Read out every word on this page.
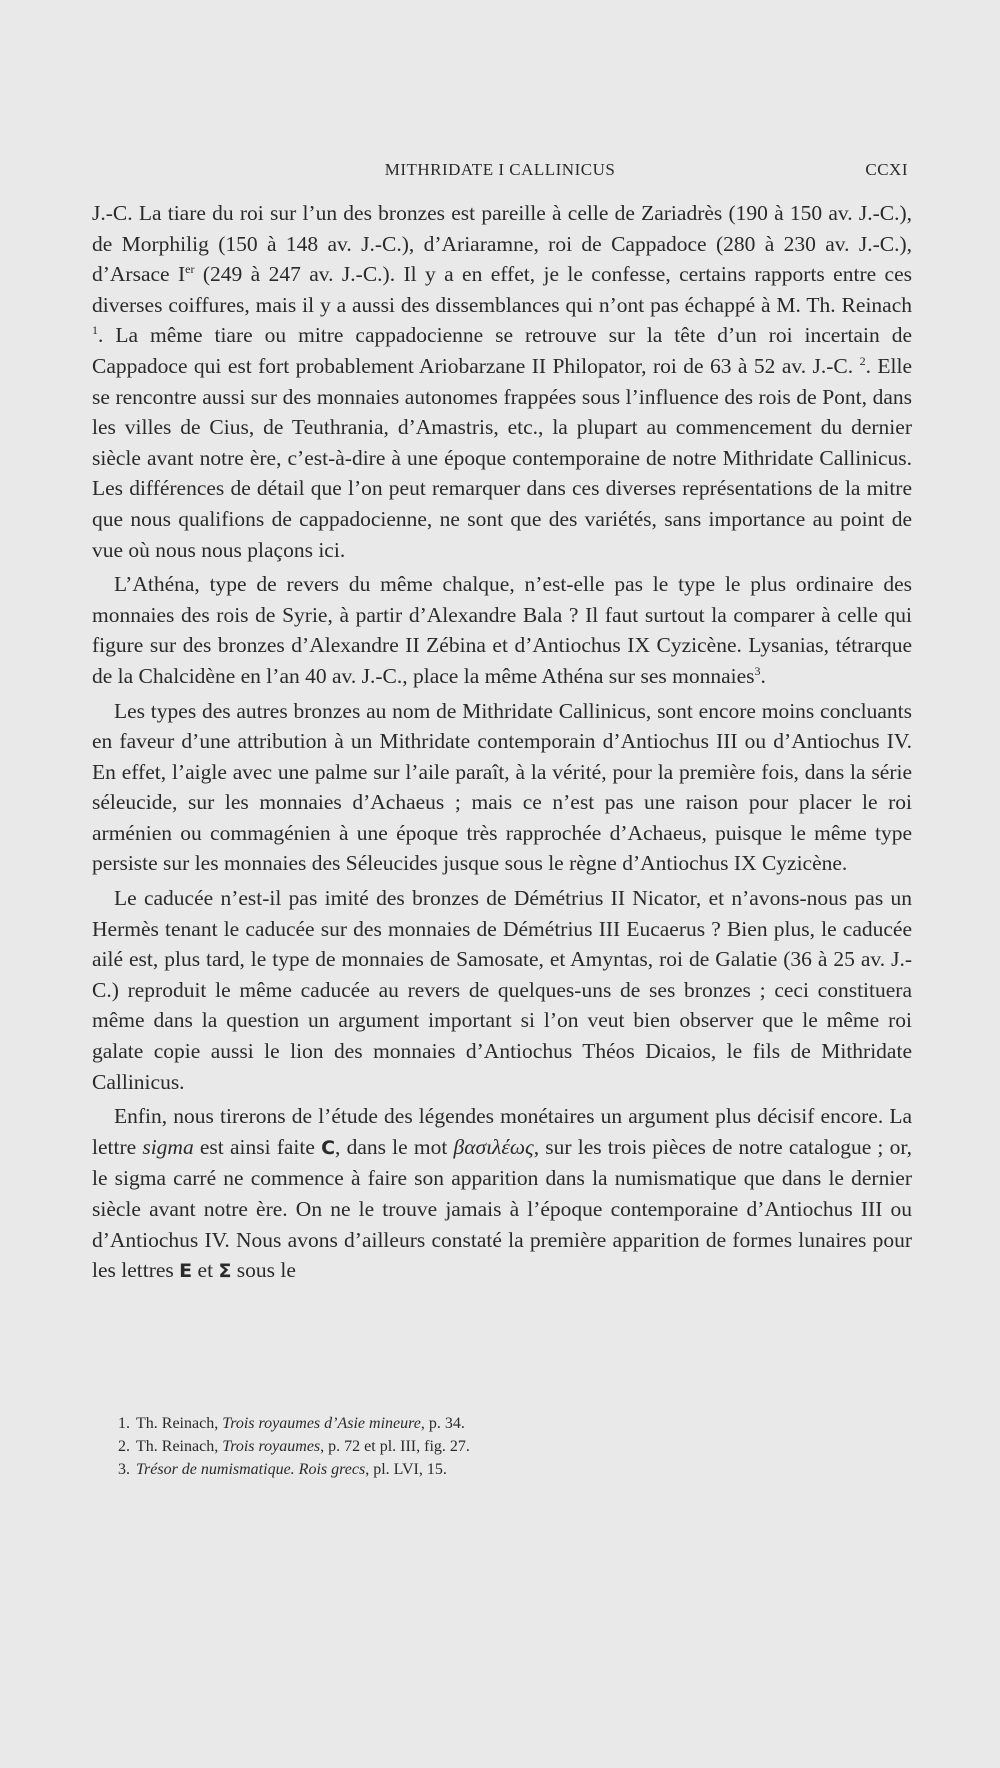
MITHRIDATE I CALLINICUS	CCXI

J.-C. La tiare du roi sur l’un des bronzes est pareille à celle de Zariadrès (190 à 150 av. J.-C.), de Morphilig (150 à 148 av. J.-C.), d’Ariaramne, roi de Cappadoce (280 à 230 av. J.-C.), d’Arsace Ier (249 à 247 av. J.-C.). Il y a en effet, je le confesse, certains rapports entre ces diverses coiffures, mais il y a aussi des dissemblances qui n’ont pas échappé à M. Th. Reinach $^1$. La même tiare ou mitre cappadocienne se retrouve sur la tête d’un roi incertain de Cappadoce qui est fort probablement Ariobarzane II Philopator, roi de 63 à 52 av. J.-C. $^2$. Elle se rencontre aussi sur des monnaies autonomes frappées sous l’influence des rois de Pont, dans les villes de Cius, de Teuthrania, d’Amastris, etc., la plupart au commencement du dernier siècle avant notre ère, c’est-à-dire à une époque contemporaine de notre Mithridate Callinicus. Les différences de détail que l’on peut remarquer dans ces diverses représentations de la mitre que nous qualifions de cappadocienne, ne sont que des variétés, sans importance au point de vue où nous nous plaçons ici.

L’Athéna, type de revers du même chalque, n’est-elle pas le type le plus ordinaire des monnaies des rois de Syrie, à partir d’Alexandre Bala ? Il faut surtout la comparer à celle qui figure sur des bronzes d’Alexandre II Zébina et d’Antiochus IX Cyzicène. Lysanias, tétrarque de la Chalcidène en l’an 40 av. J.-C., place la même Athéna sur ses monnaies$^3$.

Les types des autres bronzes au nom de Mithridate Callinicus, sont encore moins concluants en faveur d’une attribution à un Mithridate contemporain d’Antiochus III ou d’Antiochus IV. En effet, l’aigle avec une palme sur l’aile paraît, à la vérité, pour la première fois, dans la série séleucide, sur les monnaies d’Achaeus ; mais ce n’est pas une raison pour placer le roi arménien ou commagénien à une époque très rapprochée d’Achaeus, puisque le même type persiste sur les monnaies des Séleucides jusque sous le règne d’Antiochus IX Cyzicène.

Le caducée n’est-il pas imité des bronzes de Démétrius II Nicator, et n’avons-nous pas un Hermès tenant le caducée sur des monnaies de Démétrius III Eucaerus ? Bien plus, le caducée ailé est, plus tard, le type de monnaies de Samosate, et Amyntas, roi de Galatie (36 à 25 av. J.-C.) reproduit le même caducée au revers de quelques-uns de ses bronzes ; ceci constituera même dans la question un argument important si l’on veut bien observer que le même roi galate copie aussi le lion des monnaies d’Antiochus Théos Dicaios, le fils de Mithridate Callinicus.

Enfin, nous tirerons de l’étude des légendes monétaires un argument plus décisif encore. La lettre sigma est ainsi faite C, dans le mot βασιλέως, sur les trois pièces de notre catalogue ; or, le sigma carré ne commence à faire son apparition dans la numismatique que dans le dernier siècle avant notre ère. On ne le trouve jamais à l’époque contemporaine d’Antiochus III ou d’Antiochus IV. Nous avons d’ailleurs constaté la première apparition de formes lunaires pour les lettres E et Σ sous le

1. Th. Reinach, Trois royaumes d’Asie mineure, p. 34.
2. Th. Reinach, Trois royaumes, p. 72 et pl. III, fig. 27.
3. Trésor de numismatique. Rois grecs, pl. LVI, 15.
